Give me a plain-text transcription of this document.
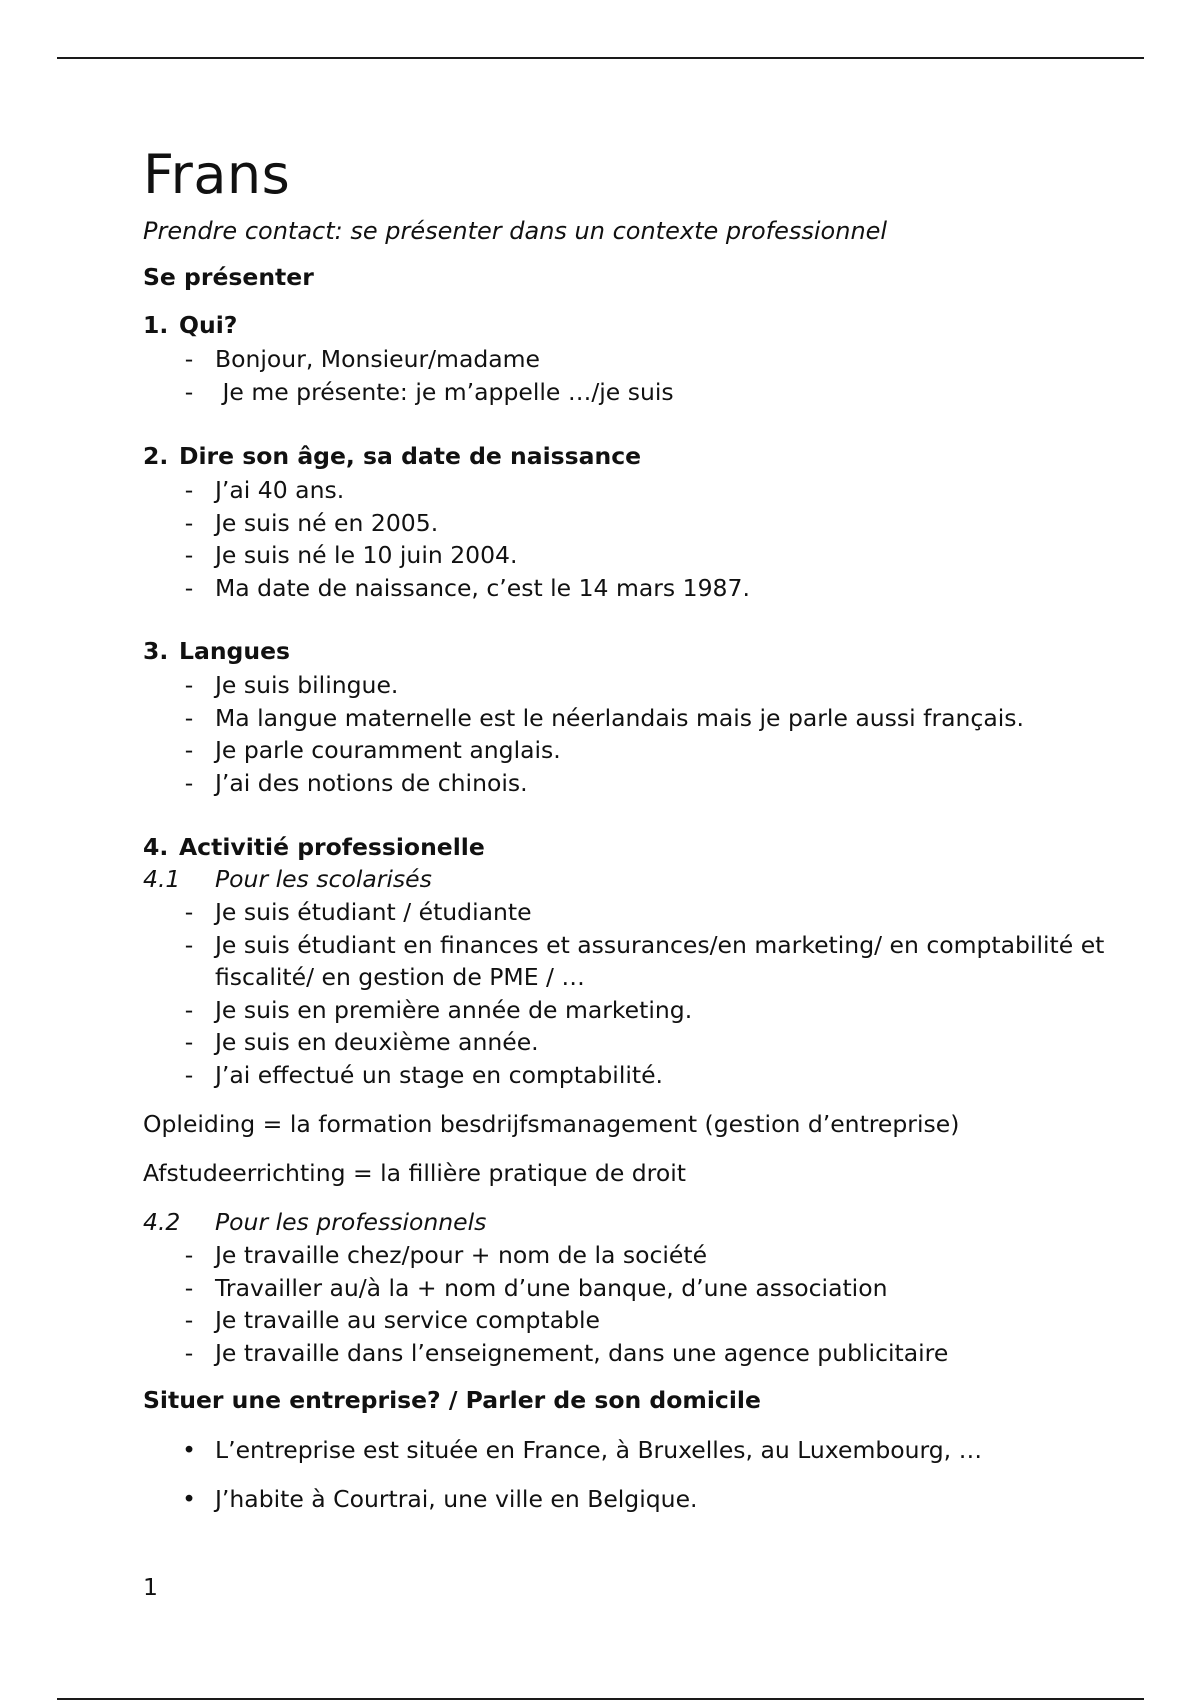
Frans
Prendre contact: se présenter dans un contexte professionnel
Se présenter
1. Qui?
- Bonjour, Monsieur/madame
- Je me présente: je m’appelle …/je suis
2. Dire son âge, sa date de naissance
- J’ai 40 ans.
- Je suis né en 2005.
- Je suis né le 10 juin 2004.
- Ma date de naissance, c’est le 14 mars 1987.
3. Langues
- Je suis bilingue.
- Ma langue maternelle est le néerlandais mais je parle aussi français.
- Je parle couramment anglais.
- J’ai des notions de chinois.
4. Activitié professionelle
4.1 Pour les scolarisés
- Je suis étudiant / étudiante
- Je suis étudiant en finances et assurances/en marketing/ en comptabilité et fiscalité/ en gestion de PME / …
- Je suis en première année de marketing.
- Je suis en deuxième année.
- J’ai effectué un stage en comptabilité.
Opleiding = la formation besdrijfsmanagement (gestion d’entreprise)
Afstudeerrichting = la fillière pratique de droit
4.2 Pour les professionnels
- Je travaille chez/pour + nom de la société
- Travailler au/à la + nom d’une banque, d’une association
- Je travaille au service comptable
- Je travaille dans l’enseignement, dans une agence publicitaire
Situer une entreprise? / Parler de son domicile
• L’entreprise est située en France, à Bruxelles, au Luxembourg, …
• J’habite à Courtrai, une ville en Belgique.
1
